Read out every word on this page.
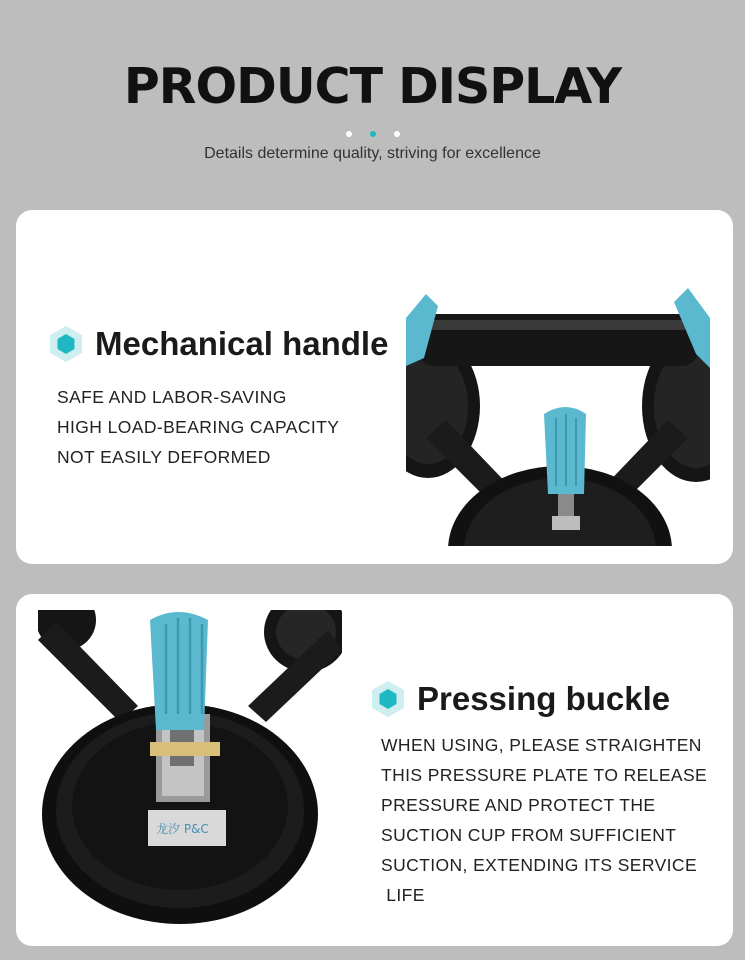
PRODUCT DISPLAY

Details determine quality, striving for excellence

Mechanical handle
SAFE AND LABOR-SAVING
HIGH LOAD-BEARING CAPACITY
NOT EASILY DEFORMED
龙汐 P&C
Pressing buckle
WHEN USING, PLEASE STRAIGHTEN
THIS PRESSURE PLATE TO RELEASE
PRESSURE AND PROTECT THE
SUCTION CUP FROM SUFFICIENT
SUCTION, EXTENDING ITS SERVICE
LIFE
